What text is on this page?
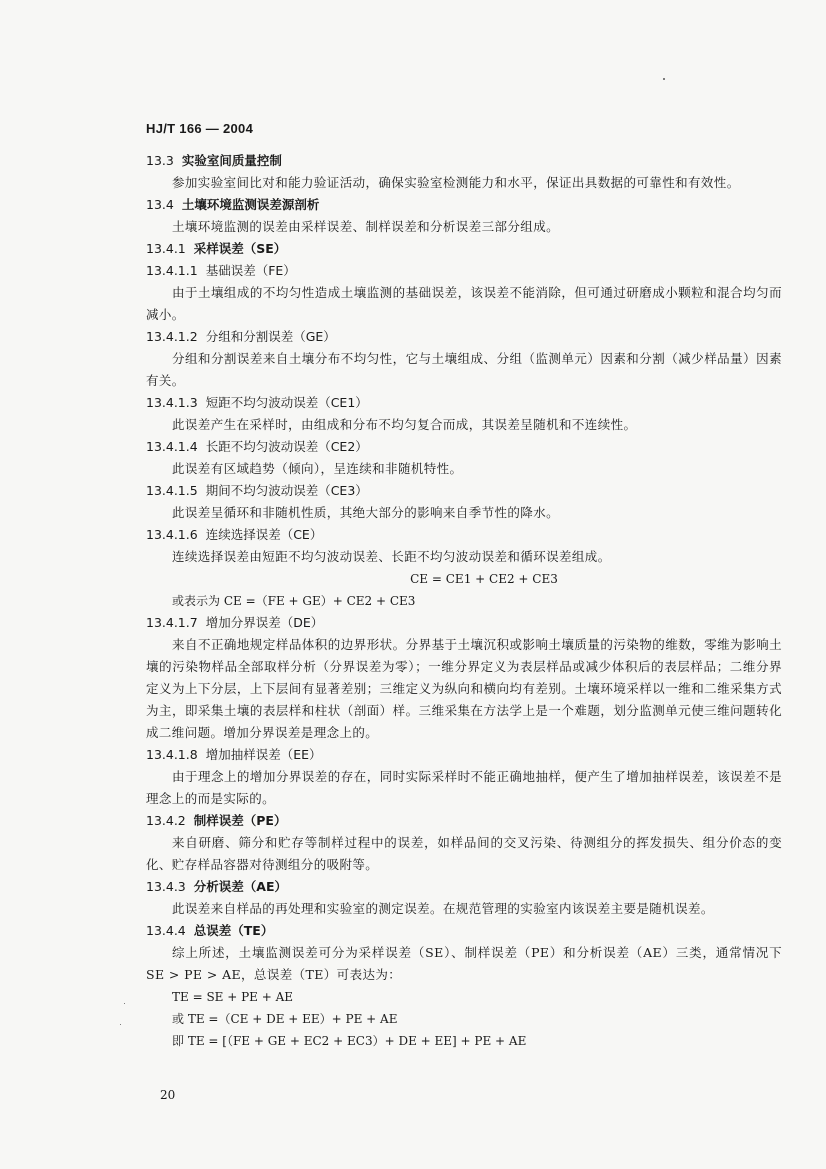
HJ/T 166 — 2004
13.3 实验室间质量控制
参加实验室间比对和能力验证活动，确保实验室检测能力和水平，保证出具数据的可靠性和有效性。
13.4 土壤环境监测误差源剖析
土壤环境监测的误差由采样误差、制样误差和分析误差三部分组成。
13.4.1 采样误差（SE）
13.4.1.1 基础误差（FE）
由于土壤组成的不均匀性造成土壤监测的基础误差，该误差不能消除，但可通过研磨成小颗粒和混合均匀而减小。
13.4.1.2 分组和分割误差（GE）
分组和分割误差来自土壤分布不均匀性，它与土壤组成、分组（监测单元）因素和分割（减少样品量）因素有关。
13.4.1.3 短距不均匀波动误差（CE1）
此误差产生在采样时，由组成和分布不均匀复合而成，其误差呈随机和不连续性。
13.4.1.4 长距不均匀波动误差（CE2）
此误差有区域趋势（倾向），呈连续和非随机特性。
13.4.1.5 期间不均匀波动误差（CE3）
此误差呈循环和非随机性质，其绝大部分的影响来自季节性的降水。
13.4.1.6 连续选择误差（CE）
连续选择误差由短距不均匀波动误差、长距不均匀波动误差和循环误差组成。
CE = CE1 + CE2 + CE3
或表示为 CE =（FE + GE）+ CE2 + CE3
13.4.1.7 增加分界误差（DE）
来自不正确地规定样品体积的边界形状。分界基于土壤沉积或影响土壤质量的污染物的维数，零维为影响土壤的污染物样品全部取样分析（分界误差为零）；一维分界定义为表层样品或减少体积后的表层样品；二维分界定义为上下分层，上下层间有显著差别；三维定义为纵向和横向均有差别。土壤环境采样以一维和二维采集方式为主，即采集土壤的表层样和柱状（剖面）样。三维采集在方法学上是一个难题，划分监测单元使三维问题转化成二维问题。增加分界误差是理念上的。
13.4.1.8 增加抽样误差（EE）
由于理念上的增加分界误差的存在，同时实际采样时不能正确地抽样，便产生了增加抽样误差，该误差不是理念上的而是实际的。
13.4.2 制样误差（PE）
来自研磨、筛分和贮存等制样过程中的误差，如样品间的交叉污染、待测组分的挥发损失、组分价态的变化、贮存样品容器对待测组分的吸附等。
13.4.3 分析误差（AE）
此误差来自样品的再处理和实验室的测定误差。在规范管理的实验室内该误差主要是随机误差。
13.4.4 总误差（TE）
综上所述，土壤监测误差可分为采样误差（SE）、制样误差（PE）和分析误差（AE）三类，通常情况下 SE > PE > AE，总误差（TE）可表达为：
TE = SE + PE + AE
或 TE =（CE + DE + EE）+ PE + AE
即 TE = [（FE + GE + EC2 + EC3）+ DE + EE] + PE + AE
20
